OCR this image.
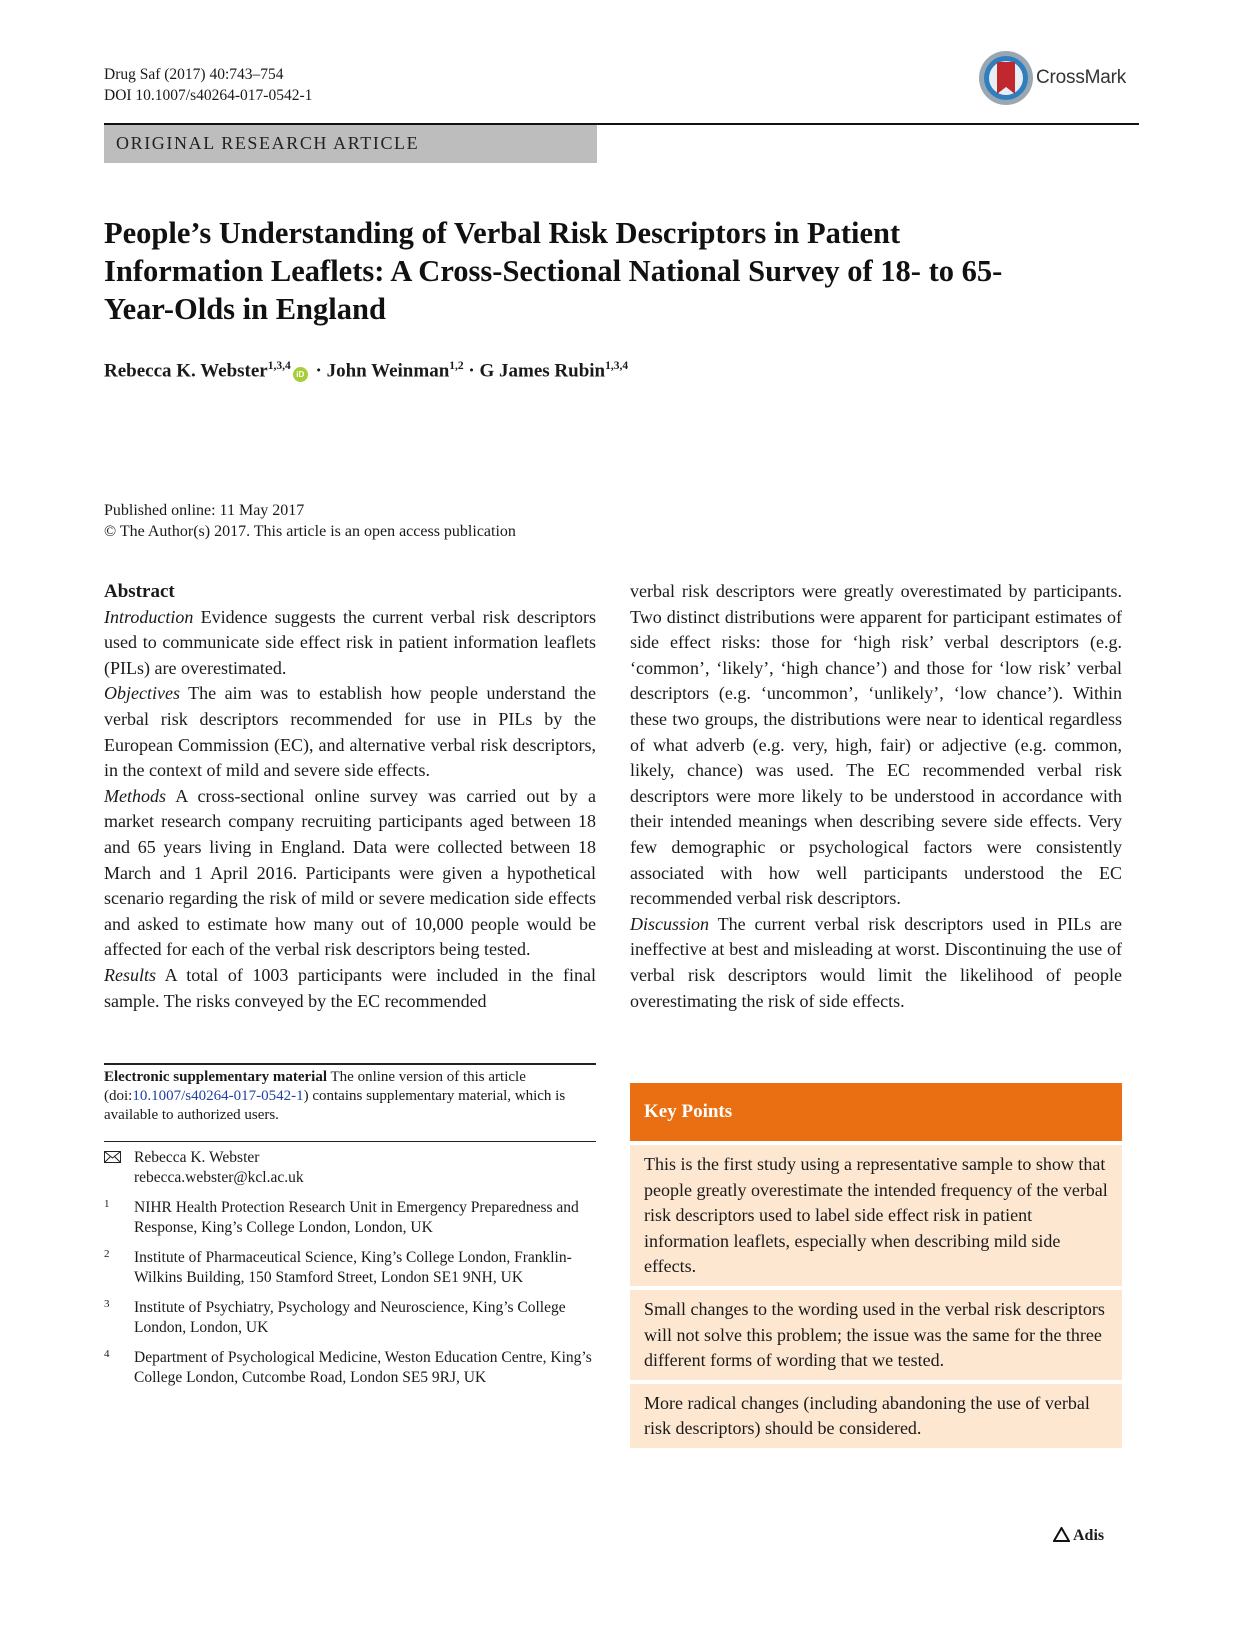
Drug Saf (2017) 40:743–754
DOI 10.1007/s40264-017-0542-1
CrossMark
ORIGINAL RESEARCH ARTICLE
People’s Understanding of Verbal Risk Descriptors in Patient Information Leaflets: A Cross-Sectional National Survey of 18- to 65-Year-Olds in England
Rebecca K. Webster$^{1,3,4}$iD · John Weinman$^{1,2}$ · G James Rubin$^{1,3,4}$
Published online: 11 May 2017
© The Author(s) 2017. This article is an open access publication
Abstract

Introduction Evidence suggests the current verbal risk descriptors used to communicate side effect risk in patient information leaflets (PILs) are overestimated.

Objectives The aim was to establish how people understand the verbal risk descriptors recommended for use in PILs by the European Commission (EC), and alternative verbal risk descriptors, in the context of mild and severe side effects.

Methods A cross-sectional online survey was carried out by a market research company recruiting participants aged between 18 and 65 years living in England. Data were collected between 18 March and 1 April 2016. Participants were given a hypothetical scenario regarding the risk of mild or severe medication side effects and asked to estimate how many out of 10,000 people would be affected for each of the verbal risk descriptors being tested.

Results A total of 1003 participants were included in the final sample. The risks conveyed by the EC recommended

verbal risk descriptors were greatly overestimated by participants. Two distinct distributions were apparent for participant estimates of side effect risks: those for ‘high risk’ verbal descriptors (e.g. ‘common’, ‘likely’, ‘high chance’) and those for ‘low risk’ verbal descriptors (e.g. ‘uncommon’, ‘unlikely’, ‘low chance’). Within these two groups, the distributions were near to identical regardless of what adverb (e.g. very, high, fair) or adjective (e.g. common, likely, chance) was used. The EC recommended verbal risk descriptors were more likely to be understood in accordance with their intended meanings when describing severe side effects. Very few demographic or psychological factors were consistently associated with how well participants understood the EC recommended verbal risk descriptors.

Discussion The current verbal risk descriptors used in PILs are ineffective at best and misleading at worst. Discontinuing the use of verbal risk descriptors would limit the likelihood of people overestimating the risk of side effects.

Electronic supplementary material The online version of this article (doi:10.1007/s40264-017-0542-1) contains supplementary material, which is available to authorized users.
Rebecca K. Webster
rebecca.webster@kcl.ac.uk
1 NIHR Health Protection Research Unit in Emergency Preparedness and Response, King’s College London, London, UK
2 Institute of Pharmaceutical Science, King’s College London, Franklin-Wilkins Building, 150 Stamford Street, London SE1 9NH, UK
3 Institute of Psychiatry, Psychology and Neuroscience, King’s College London, London, UK
4 Department of Psychological Medicine, Weston Education Centre, King’s College London, Cutcombe Road, London SE5 9RJ, UK
Key Points
This is the first study using a representative sample to show that people greatly overestimate the intended frequency of the verbal risk descriptors used to label side effect risk in patient information leaflets, especially when describing mild side effects.
Small changes to the wording used in the verbal risk descriptors will not solve this problem; the issue was the same for the three different forms of wording that we tested.
More radical changes (including abandoning the use of verbal risk descriptors) should be considered.
Adis
